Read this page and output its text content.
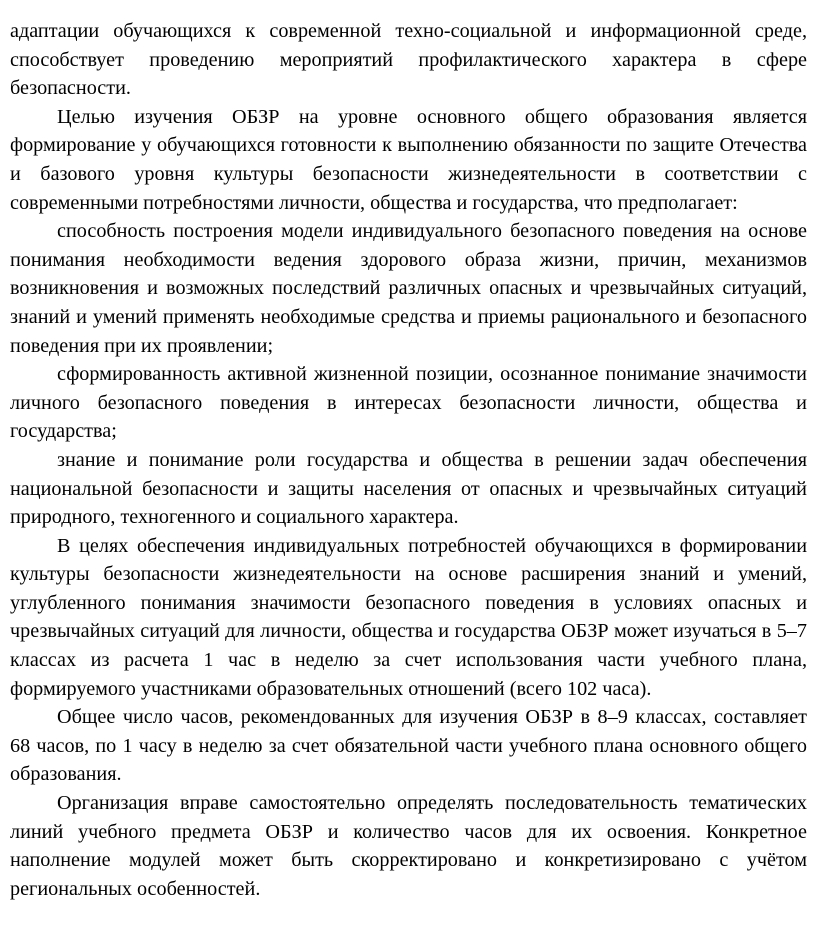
адаптации обучающихся к современной техно-социальной и информационной среде, способствует проведению мероприятий профилактического характера в сфере безопасности.

Целью изучения ОБЗР на уровне основного общего образования является формирование у обучающихся готовности к выполнению обязанности по защите Отечества и базового уровня культуры безопасности жизнедеятельности в соответствии с современными потребностями личности, общества и государства, что предполагает:

способность построения модели индивидуального безопасного поведения на основе понимания необходимости ведения здорового образа жизни, причин, механизмов возникновения и возможных последствий различных опасных и чрезвычайных ситуаций, знаний и умений применять необходимые средства и приемы рационального и безопасного поведения при их проявлении;

сформированность активной жизненной позиции, осознанное понимание значимости личного безопасного поведения в интересах безопасности личности, общества и государства;

знание и понимание роли государства и общества в решении задач обеспечения национальной безопасности и защиты населения от опасных и чрезвычайных ситуаций природного, техногенного и социального характера.

В целях обеспечения индивидуальных потребностей обучающихся в формировании культуры безопасности жизнедеятельности на основе расширения знаний и умений, углубленного понимания значимости безопасного поведения в условиях опасных и чрезвычайных ситуаций для личности, общества и государства ОБЗР может изучаться в 5–7 классах из расчета 1 час в неделю за счет использования части учебного плана, формируемого участниками образовательных отношений (всего 102 часа).

Общее число часов, рекомендованных для изучения ОБЗР в 8–9 классах, составляет 68 часов, по 1 часу в неделю за счет обязательной части учебного плана основного общего образования.

Организация вправе самостоятельно определять последовательность тематических линий учебного предмета ОБЗР и количество часов для их освоения. Конкретное наполнение модулей может быть скорректировано и конкретизировано с учётом региональных особенностей.
